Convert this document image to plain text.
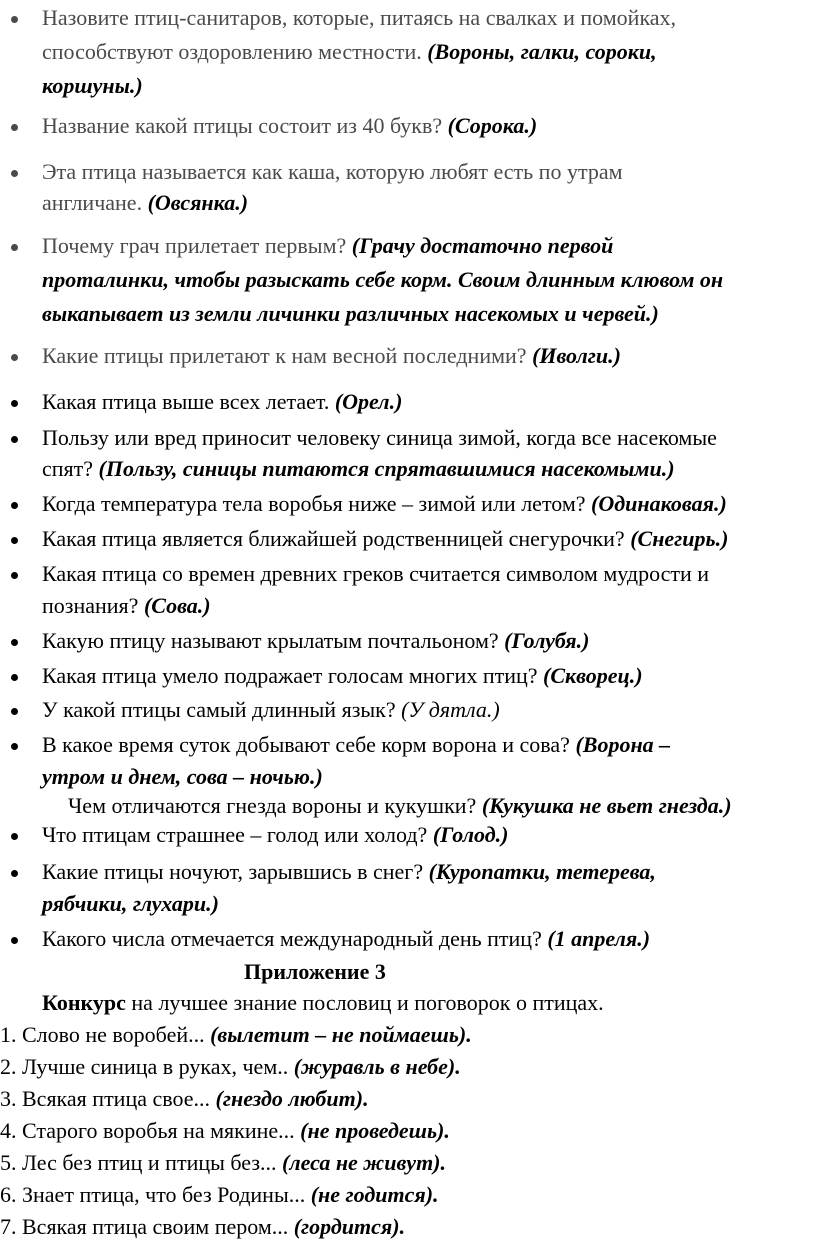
Назовите птиц-санитаров, которые, питаясь на свалках и помойках,
способствуют оздоровлению местности. (Вороны, галки, сороки,
коршуны.)
Название какой птицы состоит из 40 букв? (Сорока.)
Эта птица называется как каша, которую любят есть по утрам
англичане. (Овсянка.)
Почему грач прилетает первым? (Грачу достаточно первой
проталинки, чтобы разыскать себе корм. Своим длинным клювом он
выкапывает из земли личинки различных насекомых и червей.)
Какие птицы прилетают к нам весной последними? (Иволги.)
Какая птица выше всех летает. (Орел.)
Пользу или вред приносит человеку синица зимой, когда все насекомые
спят? (Пользу, синицы питаются спрятавшимися насекомыми.)
Когда температура тела воробья ниже – зимой или летом? (Одинаковая.)
Какая птица является ближайшей родственницей снегурочки? (Снегирь.)
Какая птица со времен древних греков считается символом мудрости и
познания? (Сова.)
Какую птицу называют крылатым почтальоном? (Голубя.)
Какая птица умело подражает голосам многих птиц? (Скворец.)
У какой птицы самый длинный язык? (У дятла.)
В какое время суток добывают себе корм ворона и сова? (Ворона –
утром и днем, сова – ночью.)
Чем отличаются гнезда вороны и кукушки? (Кукушка не вьет гнезда.)
Что птицам страшнее – голод или холод? (Голод.)
Какие птицы ночуют, зарывшись в снег? (Куропатки, тетерева,
рябчики, глухари.)
Какого числа отмечается международный день птиц? (1 апреля.)
Приложение 3
Конкурс на лучшее знание пословиц и поговорок о птицах.
1. Слово не воробей... (вылетит – не поймаешь).
2. Лучше синица в руках, чем.. (журавль в небе).
3. Всякая птица свое... (гнездо любит).
4. Старого воробья на мякине... (не проведешь).
5. Лес без птиц и птицы без... (леса не живут).
6. Знает птица, что без Родины... (не годится).
7. Всякая птица своим пером... (гордится).
